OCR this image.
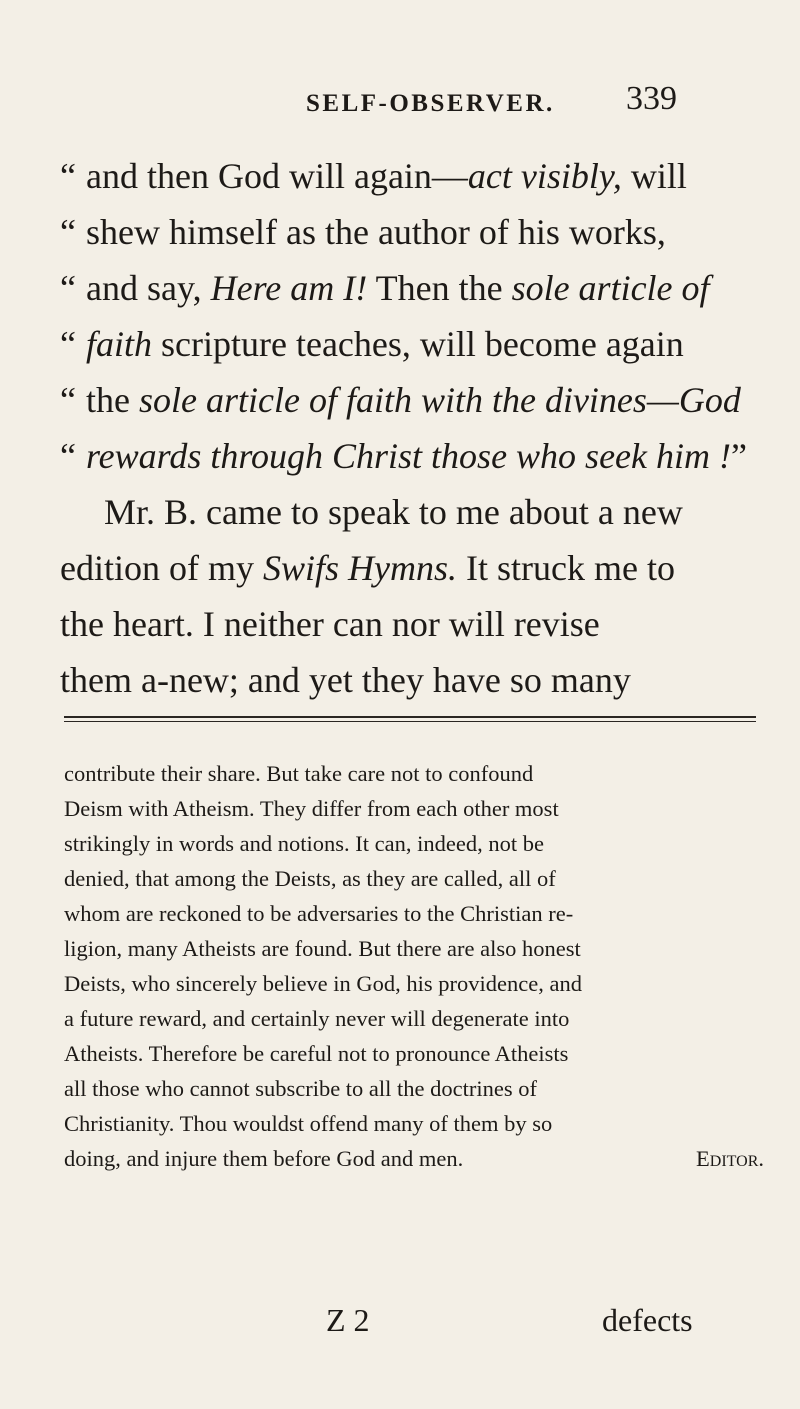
SELF-OBSERVER. 339
“ and then God will again—act visibly, will
“ shew himself as the author of his works,
“ and say, Here am I! Then the sole article of
“ faith scripture teaches, will become again
“ the sole article of faith with the divines—God
“ rewards through Christ those who seek him !”
Mr. B. came to speak to me about a new
edition of my Swifs Hymns. It struck me to
the heart. I neither can nor will revise
them a-new; and yet they have so many
contribute their share. But take care not to confound
Deism with Atheism. They differ from each other most
strikingly in words and notions. It can, indeed, not be
denied, that among the Deists, as they are called, all of
whom are reckoned to be adversaries to the Christian re-
ligion, many Atheists are found. But there are also honest
Deists, who sincerely believe in God, his providence, and
a future reward, and certainly never will degenerate into
Atheists. Therefore be careful not to pronounce Atheists
all those who cannot subscribe to all the doctrines of
Christianity. Thou wouldst offend many of them by so
doing, and injure them before God and men.	Editor.
Z 2	defects
